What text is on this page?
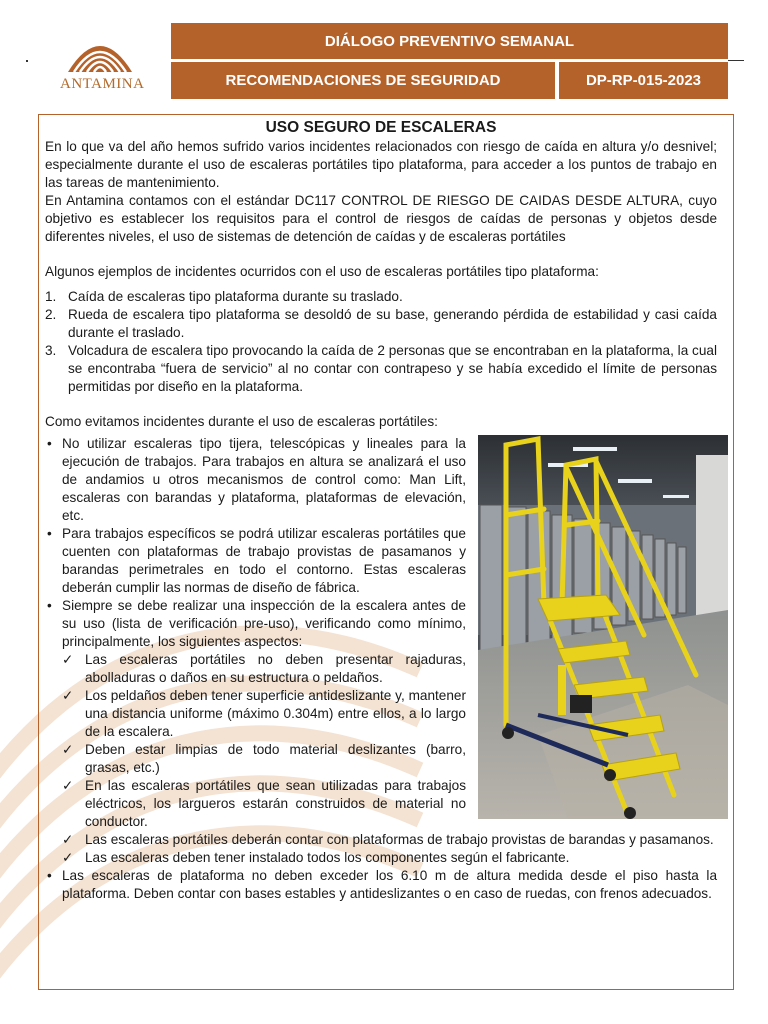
ANTAMINA
DIÁLOGO PREVENTIVO SEMANAL
RECOMENDACIONES DE SEGURIDAD	DP-RP-015-2023
USO SEGURO DE ESCALERAS

En lo que va del año hemos sufrido varios incidentes relacionados con riesgo de caída en altura y/o desnivel; especialmente durante el uso de escaleras portátiles tipo plataforma, para acceder a los puntos de trabajo en las tareas de mantenimiento.

En Antamina contamos con el estándar DC117 CONTROL DE RIESGO DE CAIDAS DESDE ALTURA, cuyo objetivo es establecer los requisitos para el control de riesgos de caídas de personas y objetos desde diferentes niveles, el uso de sistemas de detención de caídas y de escaleras portátiles

Algunos ejemplos de incidentes ocurridos con el uso de escaleras portátiles tipo plataforma:

1. Caída de escaleras tipo plataforma durante su traslado.
2. Rueda de escalera tipo plataforma se desoldó de su base, generando pérdida de estabilidad y casi caída durante el traslado.
3. Volcadura de escalera tipo provocando la caída de 2 personas que se encontraban en la plataforma, la cual se encontraba “fuera de servicio” al no contar con contrapeso y se había excedido el límite de personas permitidas por diseño en la plataforma.

Como evitamos incidentes durante el uso de escaleras portátiles:

• No utilizar escaleras tipo tijera, telescópicas y lineales para la ejecución de trabajos. Para trabajos en altura se analizará el uso de andamios u otros mecanismos de control como: Man Lift, escaleras con barandas y plataforma, plataformas de elevación, etc.
• Para trabajos específicos se podrá utilizar escaleras portátiles que cuenten con plataformas de trabajo provistas de pasamanos y barandas perimetrales en todo el contorno. Estas escaleras deberán cumplir las normas de diseño de fábrica.
• Siempre se debe realizar una inspección de la escalera antes de su uso (lista de verificación pre-uso), verificando como mínimo, principalmente, los siguientes aspectos:
✓ Las escaleras portátiles no deben presentar rajaduras, abolladuras o daños en su estructura o peldaños.
✓ Los peldaños deben tener superficie antideslizante y, mantener una distancia uniforme (máximo 0.304m) entre ellos, a lo largo de la escalera.
✓ Deben estar limpias de todo material deslizantes (barro, grasas, etc.)
✓ En las escaleras portátiles que sean utilizadas para trabajos eléctricos, los largueros estarán construidos de material no conductor.
✓ Las escaleras portátiles deberán contar con plataformas de trabajo provistas de barandas y pasamanos.
✓ Las escaleras deben tener instalado todos los componentes según el fabricante.
• Las escaleras de plataforma no deben exceder los 6.10 m de altura medida desde el piso hasta la plataforma. Deben contar con bases estables y antideslizantes o en caso de ruedas, con frenos adecuados.
